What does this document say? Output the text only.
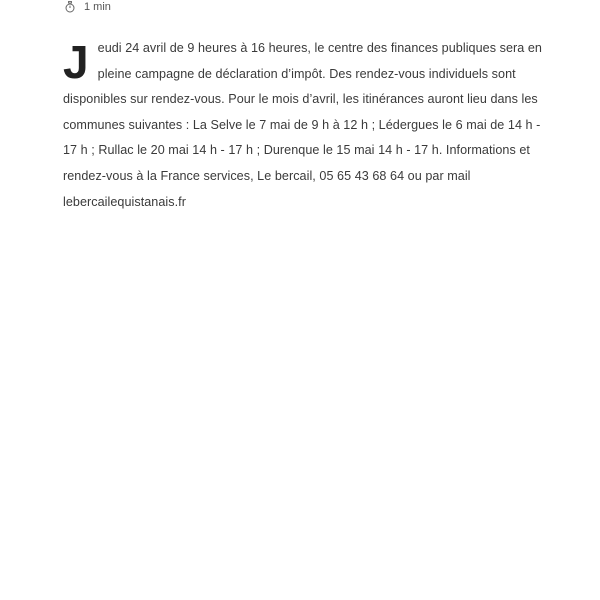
1 min
J eudi 24 avril de 9 heures à 16 heures, le centre des finances publiques sera en pleine campagne de déclaration d’impôt. Des rendez-vous individuels sont disponibles sur rendez-vous. Pour le mois d’avril, les itinérances auront lieu dans les communes suivantes : La Selve le 7 mai de 9 h à 12 h ; Lédergues le 6 mai de 14 h - 17 h ; Rullac le 20 mai 14 h - 17 h ; Durenque le 15 mai 14 h - 17 h. Informations et rendez-vous à la France services, Le bercail, 05 65 43 68 64 ou par mail lebercailequistanais.fr
